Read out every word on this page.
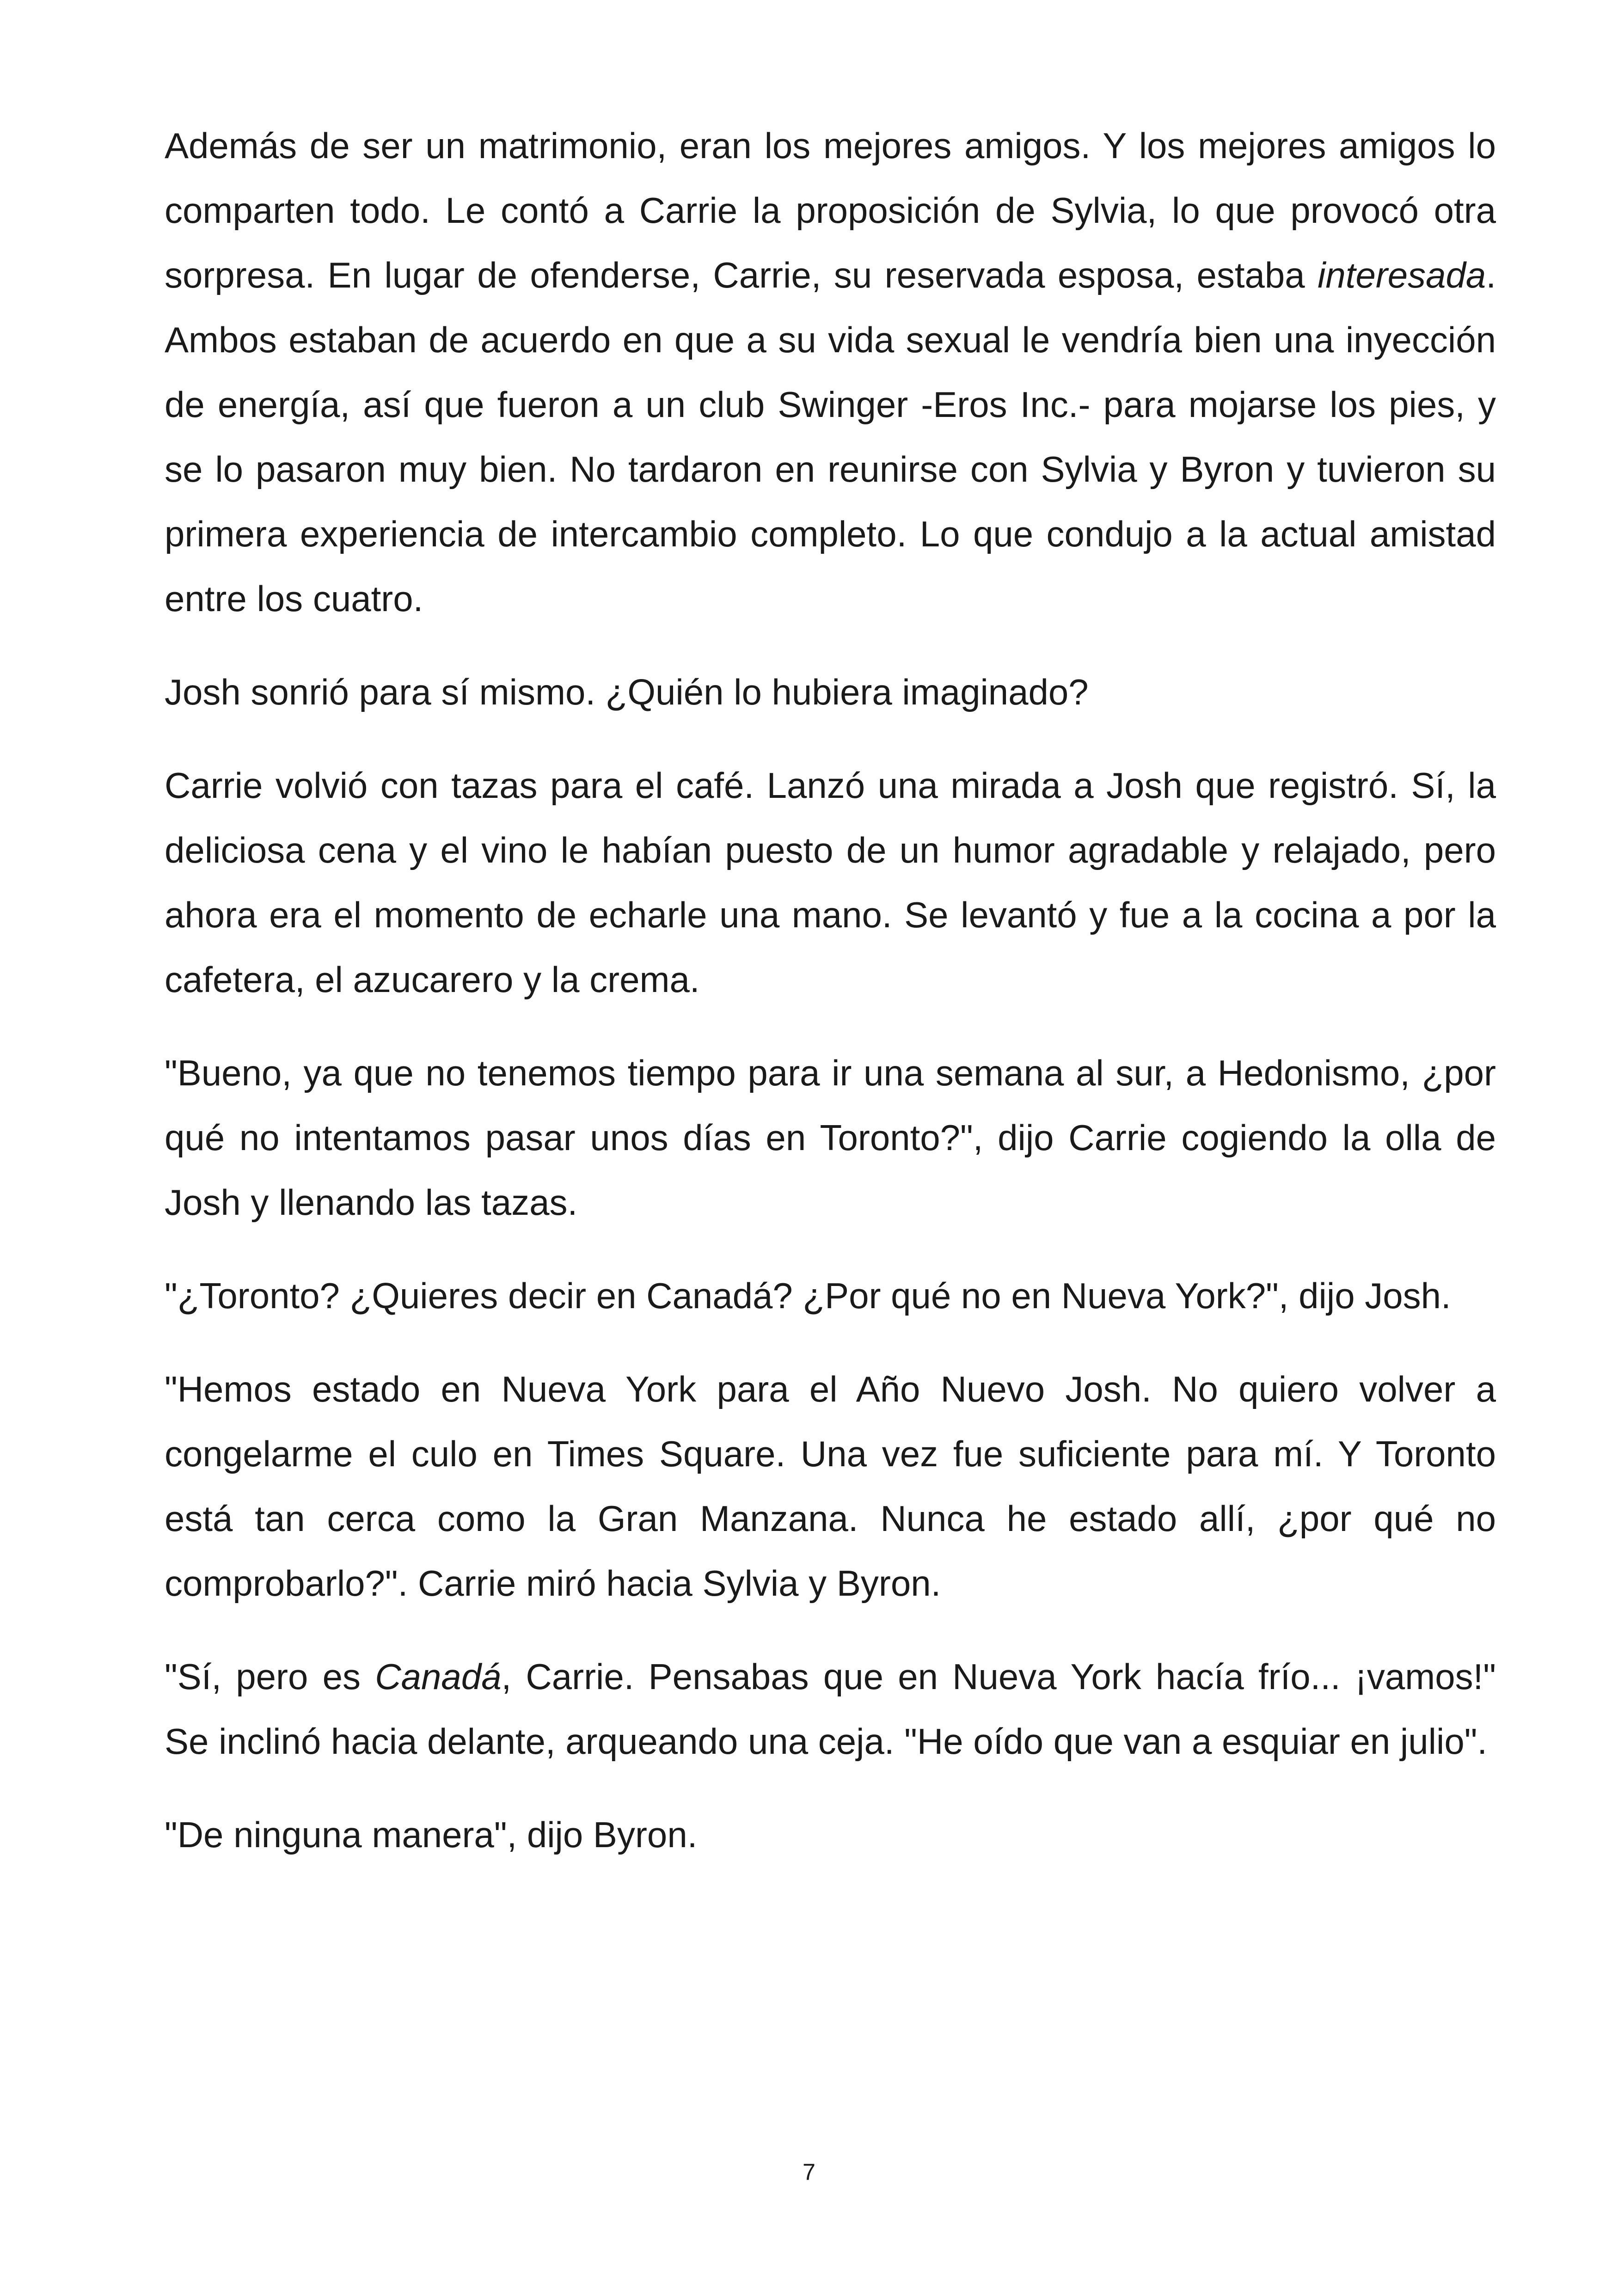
Además de ser un matrimonio, eran los mejores amigos. Y los mejores amigos lo comparten todo. Le contó a Carrie la proposición de Sylvia, lo que provocó otra sorpresa. En lugar de ofenderse, Carrie, su reservada esposa, estaba interesada. Ambos estaban de acuerdo en que a su vida sexual le vendría bien una inyección de energía, así que fueron a un club Swinger -Eros Inc.- para mojarse los pies, y se lo pasaron muy bien. No tardaron en reunirse con Sylvia y Byron y tuvieron su primera experiencia de intercambio completo. Lo que condujo a la actual amistad entre los cuatro.

Josh sonrió para sí mismo. ¿Quién lo hubiera imaginado?

Carrie volvió con tazas para el café. Lanzó una mirada a Josh que registró. Sí, la deliciosa cena y el vino le habían puesto de un humor agradable y relajado, pero ahora era el momento de echarle una mano. Se levantó y fue a la cocina a por la cafetera, el azucarero y la crema.

"Bueno, ya que no tenemos tiempo para ir una semana al sur, a Hedonismo, ¿por qué no intentamos pasar unos días en Toronto?", dijo Carrie cogiendo la olla de Josh y llenando las tazas.

"¿Toronto? ¿Quieres decir en Canadá? ¿Por qué no en Nueva York?", dijo Josh.

"Hemos estado en Nueva York para el Año Nuevo Josh. No quiero volver a congelarme el culo en Times Square. Una vez fue suficiente para mí. Y Toronto está tan cerca como la Gran Manzana. Nunca he estado allí, ¿por qué no comprobarlo?". Carrie miró hacia Sylvia y Byron.

"Sí, pero es Canadá, Carrie. Pensabas que en Nueva York hacía frío... ¡vamos!" Se inclinó hacia delante, arqueando una ceja. "He oído que van a esquiar en julio".

"De ninguna manera", dijo Byron.

7
